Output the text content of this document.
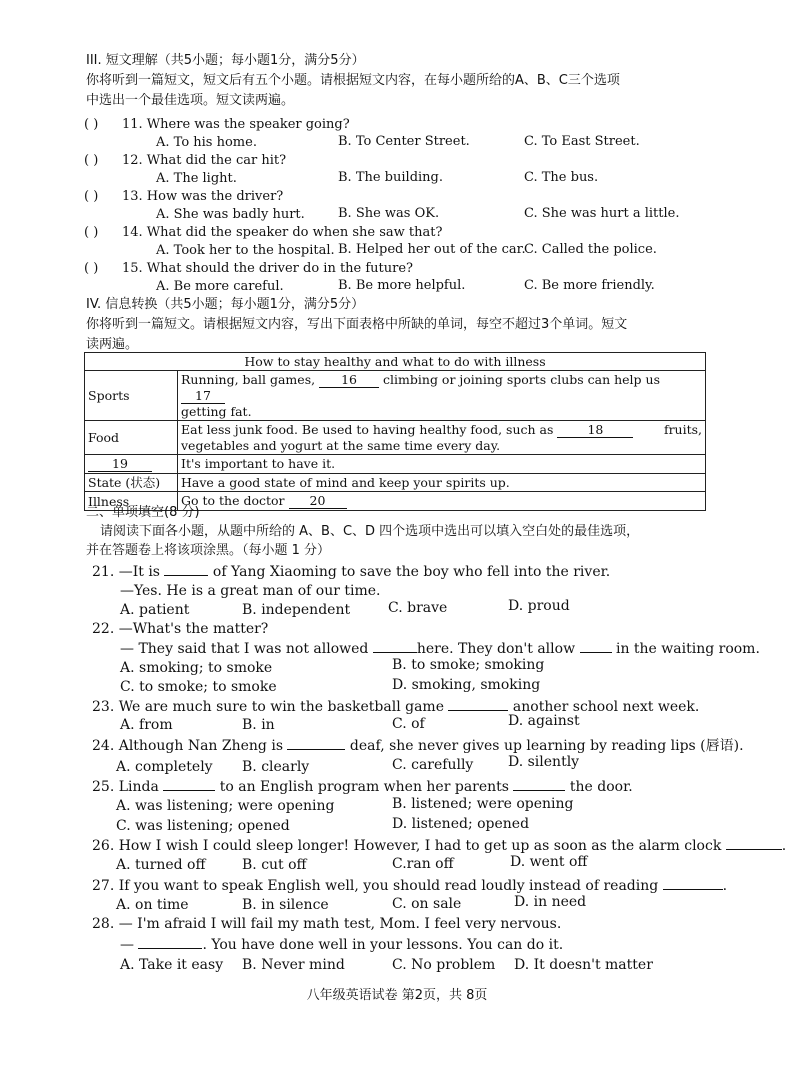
III. 短文理解（共5小题；每小题1分，满分5分）
你将听到一篇短文，短文后有五个小题。请根据短文内容，在每小题所给的A、B、C三个选项
中选出一个最佳选项。短文读两遍。
( ) 11. Where was the speaker going?
A. To his home.	B. To Center Street.	C. To East Street.
( ) 12. What did the car hit?
A. The light.	B. The building.	C. The bus.
( ) 13. How was the driver?
A. She was badly hurt.	B. She was OK.	C. She was hurt a little.
( ) 14. What did the speaker do when she saw that?
A. Took her to the hospital. B. Helped her out of the car.
C. Called the police.
( ) 15. What should the driver do in the future?
A. Be more careful.	B. Be more helpful.	C. Be more friendly.
IV. 信息转换（共5小题；每小题1分，满分5分）
你将听到一篇短文。请根据短文内容，写出下面表格中所缺的单词，每空不超过3个单词。短文
读两遍。
How to stay healthy and what to do with illness	
Sports	Running, ball games, 16 climbing or joining sports clubs can help us 17
getting fat.
Food	Eat less junk food. Be used to having healthy food, such as 18 fruits,

vegetables and yogurt at the same time every day.
19	It's important to have it.
State (状态)	Have a good state of mind and keep your spirits up.
Illness	Go to the doctor 20
二、单项填空(8 分)
请阅读下面各小题，从题中所给的 A、B、C、D 四个选项中选出可以填入空白处的最佳选项，
并在答题卷上将该项涂黑。（每小题 1 分）
21. —It is	of Yang Xiaoming to save the boy who fell into the river.
—Yes. He is a great man of our time.
A. patient	B. independent	C. brave	D. proud
22. —What's the matter?
— They said that I was not allowed	here. They don't allow	in the waiting room.
A. smoking; to smoke	B. to smoke; smoking
C. to smoke; to smoke	D. smoking, smoking
23. We are much sure to win the basketball game	another school next week.
A. from	B. in	C. of	D. against
24. Although Nan Zheng is	deaf, she never gives up learning by reading lips (唇语).
A. completely B. clearly	C. carefully D. silently
25. Linda	to an English program when her parents	the door.
A. was listening; were opening	B. listened; were opening
C. was listening; opened	D. listened; opened
26. How I wish I could sleep longer! However, I had to get up as soon as the alarm clock	.
A. turned off	B. cut off	C.ran off	D. went off
27. If you want to speak English well, you should read loudly instead of reading	.
A. on time	B. in silence	C. on sale	D. in need
28. — I'm afraid I will fail my math test, Mom. I feel very nervous.
—	. You have done well in your lessons. You can do it.
A. Take it easy B. Never mind	C. No problem D. It doesn't matter
八年级英语试卷 第2页，共 8页
